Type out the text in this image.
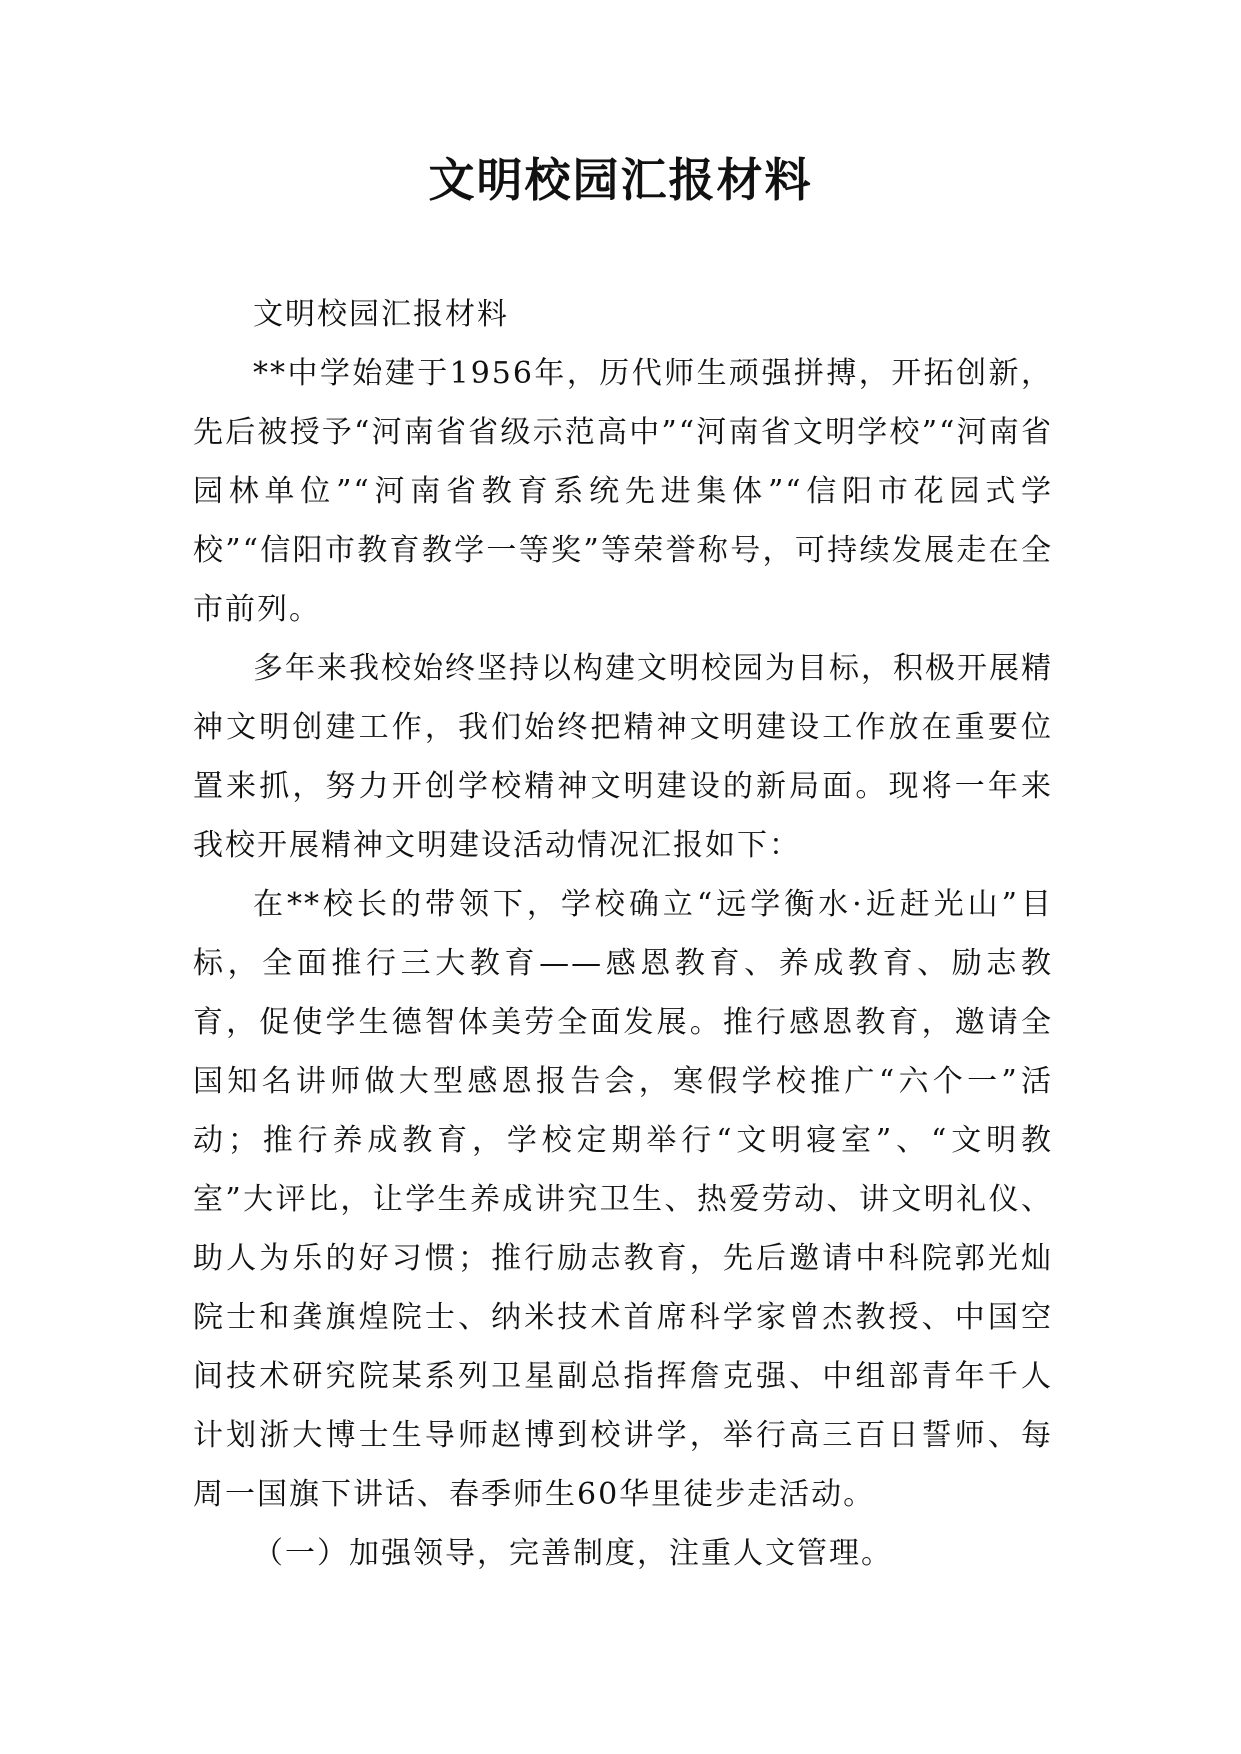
文明校园汇报材料

文明校园汇报材料

**中学始建于1956年，历代师生顽强拼搏，开拓创新，先后被授予“河南省省级示范高中”“河南省文明学校”“河南省园林单位”“河南省教育系统先进集体”“信阳市花园式学校”“信阳市教育教学一等奖”等荣誉称号，可持续发展走在全市前列。

多年来我校始终坚持以构建文明校园为目标，积极开展精神文明创建工作，我们始终把精神文明建设工作放在重要位置来抓，努力开创学校精神文明建设的新局面。现将一年来我校开展精神文明建设活动情况汇报如下：

在**校长的带领下，学校确立“远学衡水·近赶光山”目标，全面推行三大教育——感恩教育、养成教育、励志教育，促使学生德智体美劳全面发展。推行感恩教育，邀请全国知名讲师做大型感恩报告会，寒假学校推广“六个一”活动；推行养成教育，学校定期举行“文明寝室”、“文明教室”大评比，让学生养成讲究卫生、热爱劳动、讲文明礼仪、助人为乐的好习惯；推行励志教育，先后邀请中科院郭光灿院士和龚旗煌院士、纳米技术首席科学家曾杰教授、中国空间技术研究院某系列卫星副总指挥詹克强、中组部青年千人计划浙大博士生导师赵博到校讲学，举行高三百日誓师、每周一国旗下讲话、春季师生60华里徒步走活动。

（一）加强领导，完善制度，注重人文管理。
